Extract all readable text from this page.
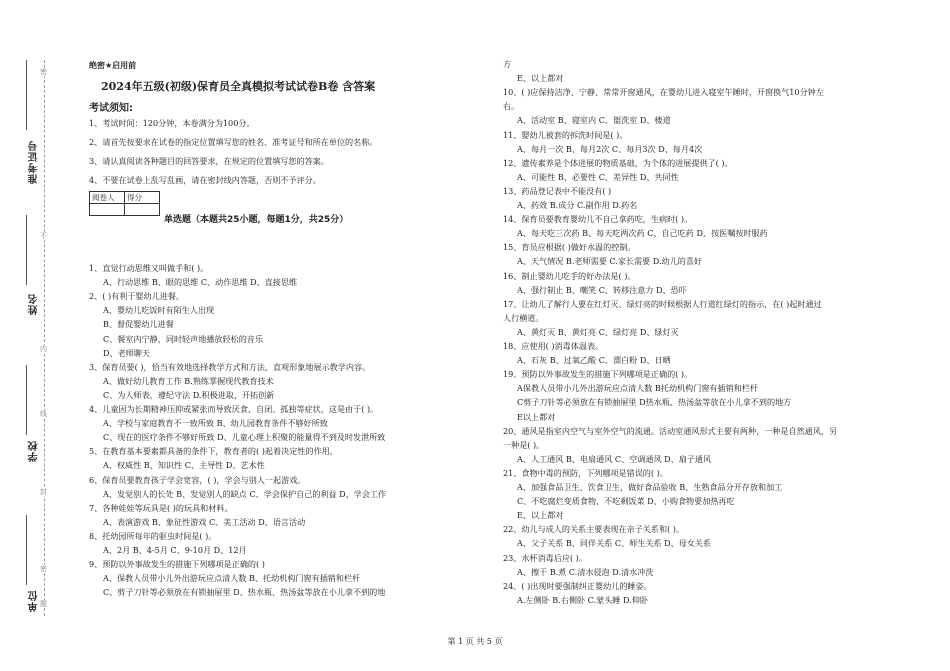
准考证号
姓名
学校
单位
密
不
内
线
封
密
题
绝密★启用前
2024年五级(初级)保育员全真模拟考试试卷B卷 含答案
考试须知:
1、考试时间：120分钟，本卷满分为100分。
2、请首先按要求在试卷的指定位置填写您的姓名、准考证号和所在单位的名称。
3、请认真阅读各种题目的回答要求，在规定的位置填写您的答案。
4、不要在试卷上乱写乱画，请在密封线内答题，否则不予评分。
阅卷人	得分

单选题（本题共25小题，每题1分，共25分）
1、直觉行动思维又叫做手和( )。
A、行动思维 B、眼的思维 C、动作思维 D、直接思维
2、( )有利于婴幼儿进餐。
A、婴幼儿吃饭时有陌生人出现
B、督促婴幼儿进餐
C、餐室内宁静，同时轻声地播放轻松的音乐
D、老师聊天
3、保育员要( )，恰当有效地选择教学方式和方法，直观形象地展示教学内容。
A、做好幼儿教育工作 B.熟练掌握现代教育技术
C、为人师表，遵纪守法 D.积极进取，开拓创新
4、儿童因为长期精神压抑或紧张而导致厌食、自闭、孤独等症状，这是由于( )。
A、学校与家庭教育不一致所致 B、幼儿园教育条件不够好所致
C、现在的医疗条件不够好所致 D、儿童心理上积聚的能量得不到及时发泄所致
5、在教育基本要素都具备的条件下，教育者的( )起着决定性的作用。
A、权威性 B、知识性 C、主导性 D、艺术性
6、保育员要教育孩子学会宽容，( )，学会与别人一起游戏。
A、发觉别人的长处 B、发觉别人的缺点 C、学会保护自己的利益 D、学会工作
7、各种娃娃等玩具是( )的玩具和材料。
A、表演游戏 B、象征性游戏 C、美工活动 D、语言活动
8、托幼园所每年的驱虫时间是( )。
A、2月 B、4-5月 C、9-10月 D、12月
9、预防以外事故发生的措施下列哪项是正确的( )
A、保教人员带小儿外出游玩应点清人数 B、托幼机构门窗有插销和栏杆
C、剪子刀针等必须放在有锁抽屉里 D、热水瓶、热汤盆等放在小儿拿不到的地
方
E、以上都对
10、( )应保持洁净、宁静、常常开窗通风，在婴幼儿进入寝室午睡时，开窗换气10分钟左
右。
A、活动室 B、寝室内 C、盥洗室 D、楼道
11、婴幼儿被套的拆洗时间是( )。
A、每月一次 B、每月2次 C、每月3次 D、每月4次
12、遗传素养是个体进展的物质基础，为个体的进展提供了( )。
A、可能性 B、必要性 C、差异性 D、共同性
13、药品登记表中不能没有( )
A、药效 B.成分 C.副作用 D.药名
14、保育员要教育婴幼儿不自己拿药吃，生病时( )。
A、每天吃三次药 B、每天吃两次药 C、自己吃药 D、按医嘱按时服药
15、育员应根据( )做好水温的控制。
A、天气情况 B.老师需要 C.家长需要 D.幼儿的喜好
16、制止婴幼儿吃手的好办法是( )。
A、强行制止 B、嘲笑 C、转移注意力 D、恐吓
17、让幼儿了解行人要在红灯灭、绿灯亮的时候根据人行道红绿灯的指示，在( )起时通过
人行横道。
A、黄灯灭 B、黄灯亮 C、绿灯亮 D、绿灯灭
18、应使用( )消毒体温表。
A、石灰 B、过氧乙酸 C、漂白粉 D、日晒
19、预防以外事故发生的措施下列哪项是正确的( )。
A保教人员带小儿外出游玩应点清人数 B托幼机构门窗有插销和栏杆
C剪子刀针等必须放在有锁抽屉里 D热水瓶、热汤盆等放在小儿拿不到的地方
E以上都对
20、通风是指室内空气与室外空气的流通。活动室通风形式主要有两种，一种是自然通风，另
一种是( )。
A、人工通风 B、电扇通风 C、空调通风 D、扇子通风
21、食物中毒的预防，下列哪项是错误的( )。
A、加强食品卫生、饮食卫生，做好食品验收 B、生熟食品分开存放和加工
C、不吃腐烂变质食物，不吃剩饭菜 D、小购食物要加热再吃
E、以上都对
22、幼儿与成人的关系主要表现在亲子关系和( )。
A、父子关系 B、同伴关系 C、师生关系 D、母女关系
23、水杯消毒后应( )。
A、擦干 B.煮 C.清水侵泡 D.清水冲洗
24、( )出现时要强制纠正婴幼儿的睡姿。
A.左侧卧 B.右侧卧 C.蒙头睡 D.仰卧
第 1 页 共 5 页
